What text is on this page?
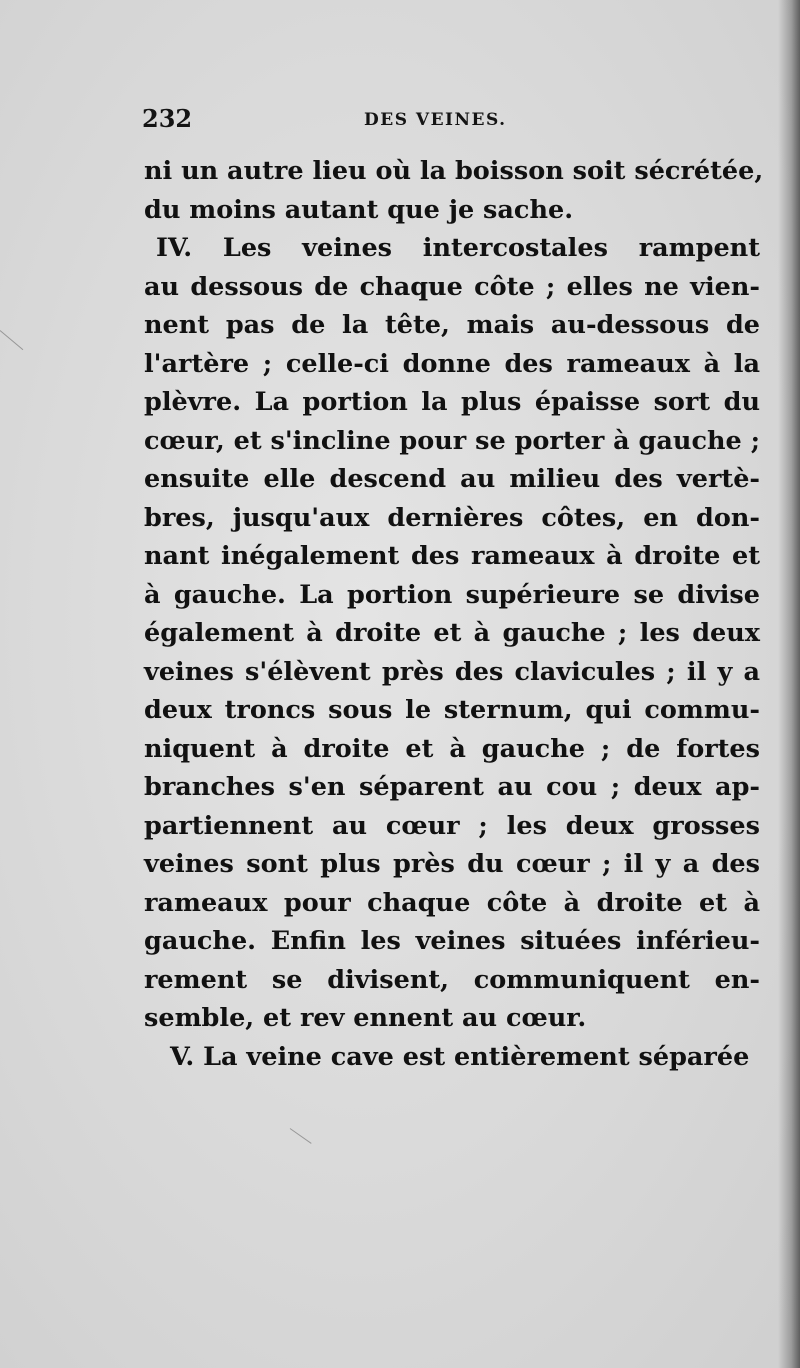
232	DES VEINES.
ni un autre lieu où la boisson soit sécrétée,
du moins autant que je sache.
IV. Les veines intercostales rampent
au dessous de chaque côte ; elles ne vien-
nent pas de la tête, mais au-dessous de
l'artère ; celle-ci donne des rameaux à la
plèvre. La portion la plus épaisse sort du
cœur, et s'incline pour se porter à gauche ;
ensuite elle descend au milieu des vertè-
bres, jusqu'aux dernières côtes, en don-
nant inégalement des rameaux à droite et
à gauche. La portion supérieure se divise
également à droite et à gauche ; les deux
veines s'élèvent près des clavicules ; il y a
deux troncs sous le sternum, qui commu-
niquent à droite et à gauche ; de fortes
branches s'en séparent au cou ; deux ap-
partiennent au cœur ; les deux grosses
veines sont plus près du cœur ; il y a des
rameaux pour chaque côte à droite et à
gauche. Enfin les veines situées inférieu-
rement se divisent, communiquent en-
semble, et rev ennent au cœur.
V. La veine cave est entièrement séparée
